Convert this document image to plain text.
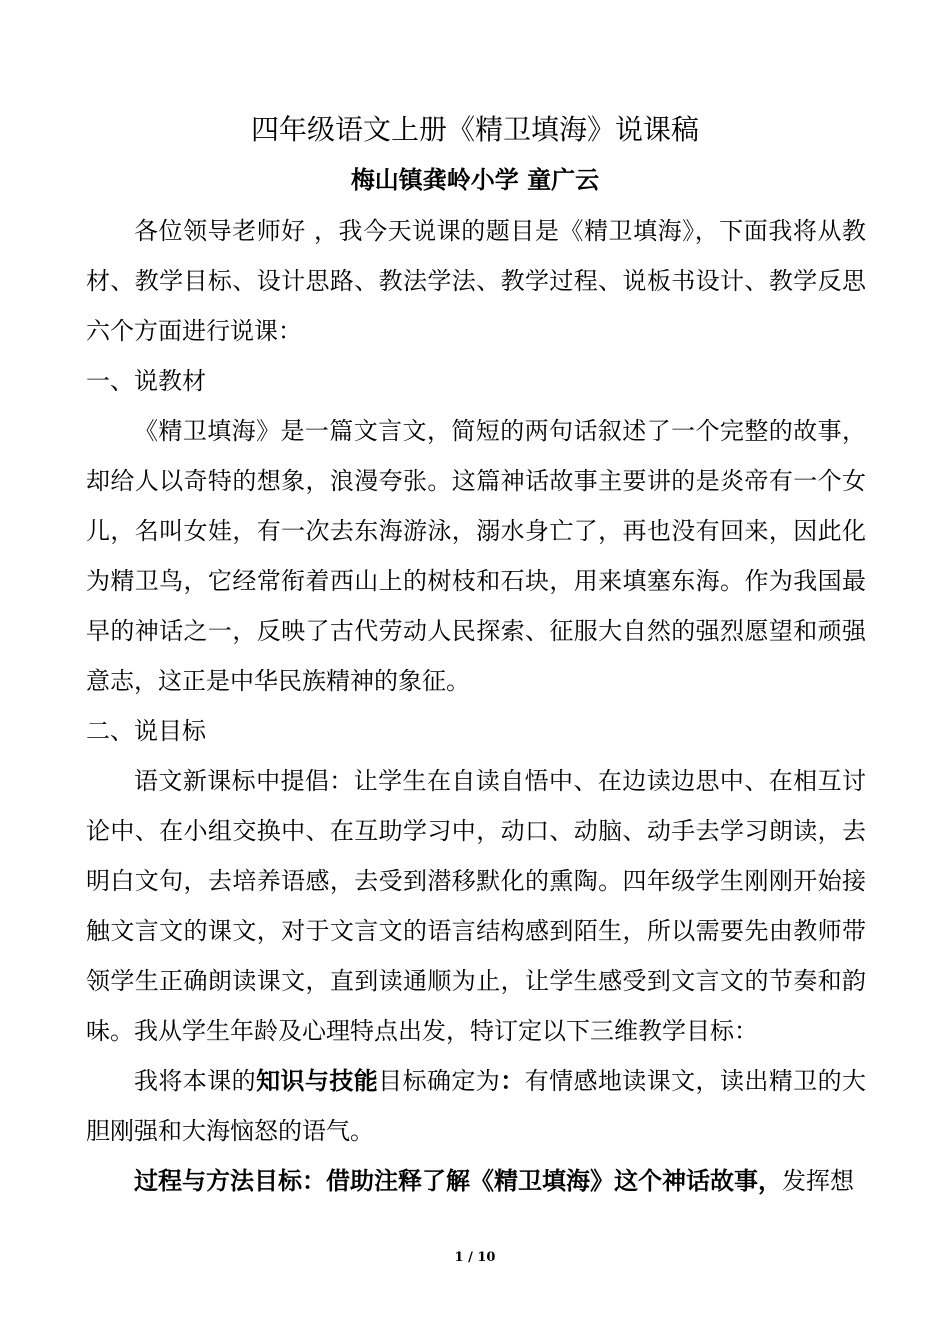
四年级语文上册《精卫填海》说课稿
梅山镇龚岭小学 童广云

各位领导老师好 ，我今天说课的题目是《精卫填海》，下面我将从教材、教学目标、设计思路、教法学法、教学过程、说板书设计、教学反思六个方面进行说课：

一、说教材

《精卫填海》是一篇文言文，简短的两句话叙述了一个完整的故事，却给人以奇特的想象，浪漫夸张。这篇神话故事主要讲的是炎帝有一个女儿，名叫女娃，有一次去东海游泳，溺水身亡了，再也没有回来，因此化为精卫鸟，它经常衔着西山上的树枝和石块，用来填塞东海。作为我国最早的神话之一，反映了古代劳动人民探索、征服大自然的强烈愿望和顽强意志，这正是中华民族精神的象征。

二、说目标

语文新课标中提倡：让学生在自读自悟中、在边读边思中、在相互讨论中、在小组交换中、在互助学习中，动口、动脑、动手去学习朗读，去明白文句，去培养语感，去受到潜移默化的熏陶。四年级学生刚刚开始接触文言文的课文，对于文言文的语言结构感到陌生，所以需要先由教师带领学生正确朗读课文，直到读通顺为止，让学生感受到文言文的节奏和韵味。我从学生年龄及心理特点出发，特订定以下三维教学目标：

我将本课的知识与技能目标确定为：有情感地读课文，读出精卫的大胆刚强和大海恼怒的语气。

过程与方法目标：借助注释了解《精卫填海》这个神话故事，发挥想

1 / 10
